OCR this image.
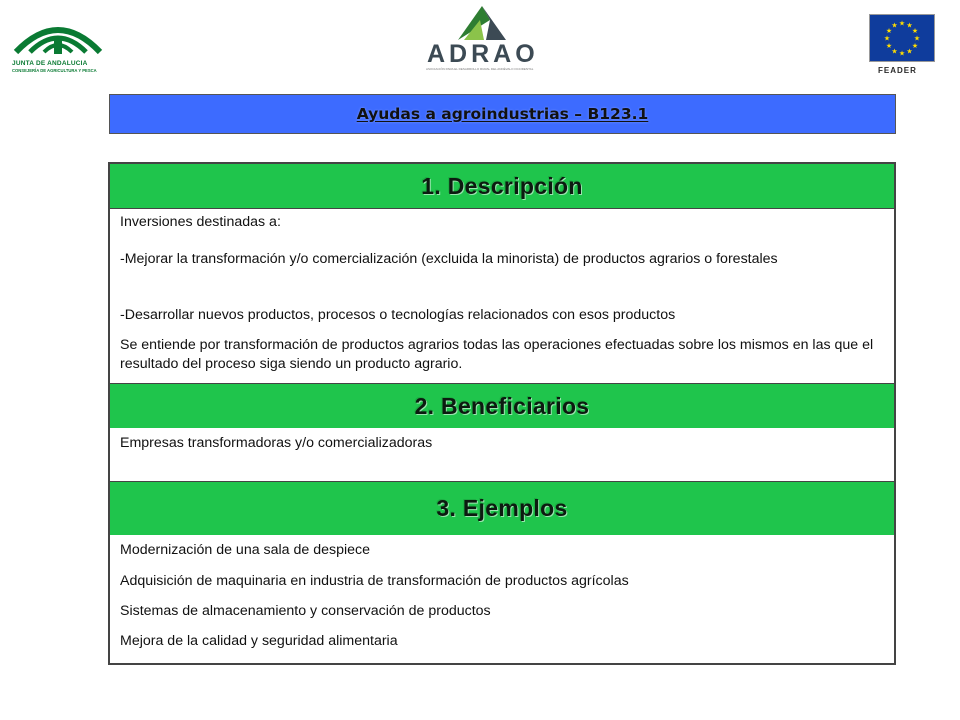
JUNTA DE ANDALUCIA
CONSEJERÍA DE AGRICULTURA Y PESCA
ADRAO
ASOCIACIÓN PARA EL DESARROLLO RURAL DEL ANDÉVALO OCCIDENTAL
★ ★
★
★
★
★
★
★
★
★
★
★
FEADER
Ayudas a agroindustrias – B123.1
1. Descripción

Inversiones destinadas a:

-Mejorar la transformación y/o comercialización (excluida la minorista) de productos agrarios o forestales

-Desarrollar nuevos productos, procesos o tecnologías relacionados con esos productos

Se entiende por transformación de productos agrarios todas las operaciones efectuadas sobre los mismos en las que el resultado del proceso siga siendo un producto agrario.

2. Beneficiarios

Empresas transformadoras y/o comercializadoras

3. Ejemplos

Modernización de una sala de despiece

Adquisición de maquinaria en industria de transformación de productos agrícolas

Sistemas de almacenamiento y conservación de productos

Mejora de la calidad y seguridad alimentaria
